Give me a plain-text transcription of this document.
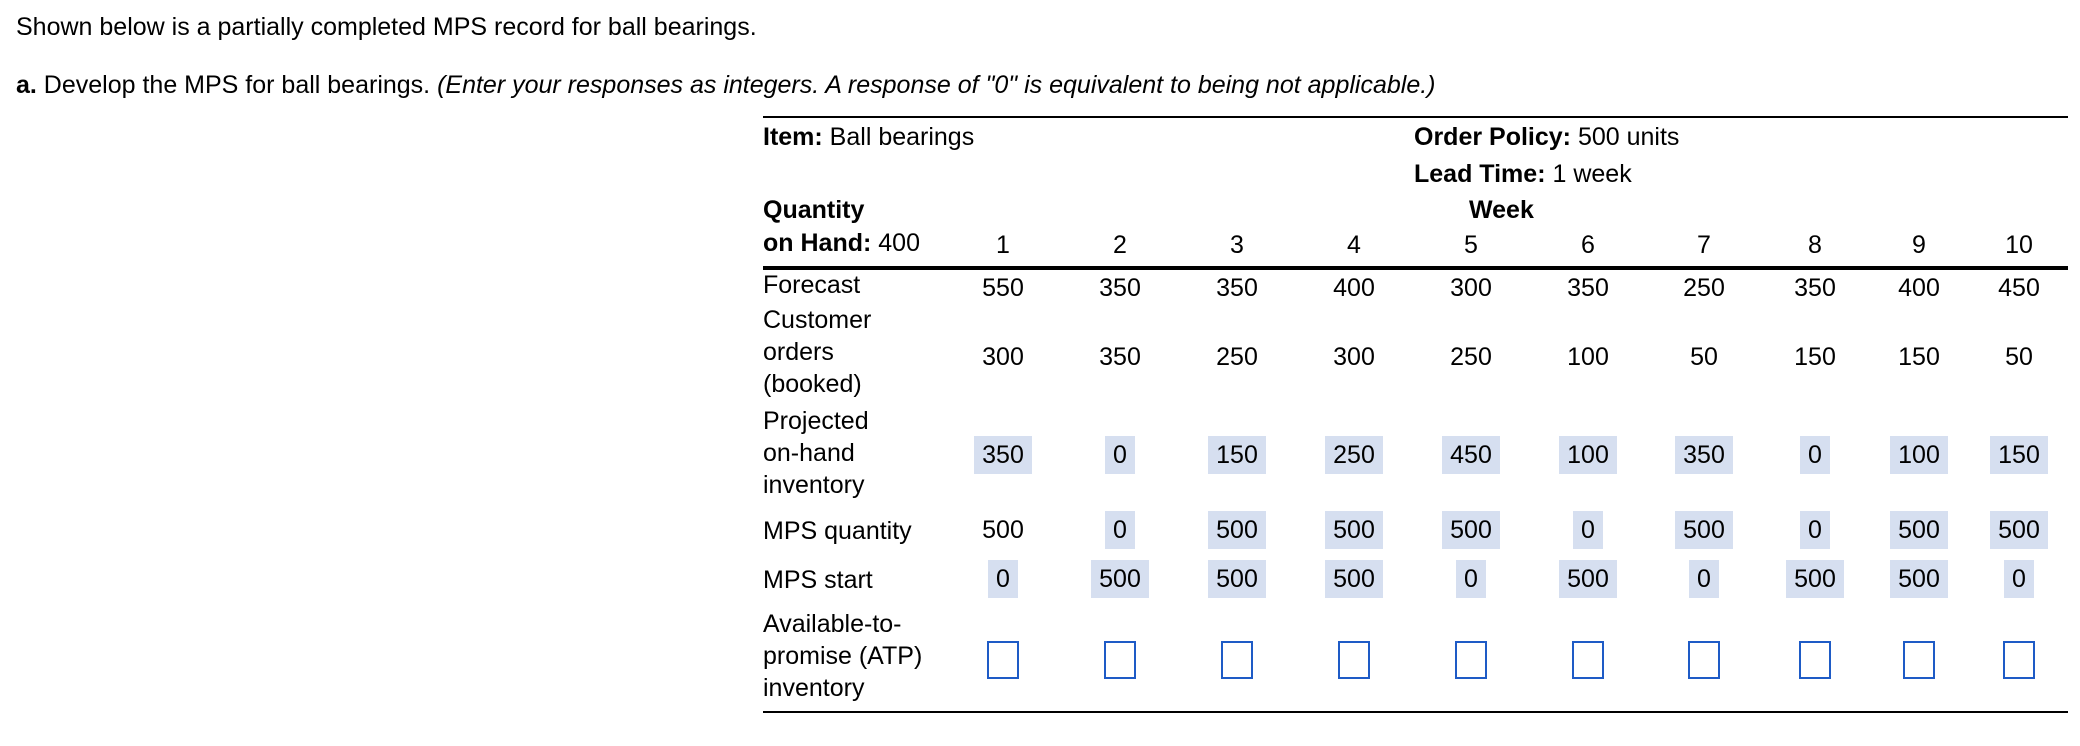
Shown below is a partially completed MPS record for ball bearings.
a. Develop the MPS for ball bearings. (Enter your responses as integers. A response of "0" is equivalent to being not applicable.)
Item: Ball bearings	Order Policy: 500 units
Lead Time: 1 week
Quantity
on Hand: 400
Week
1	2	3	4	5	6	7	8	9	10
Forecast	550	350	350	400	300	350	250	350	400	450
Customer
orders
(booked)
300	350	250	300	250	100	50	150	150	50
Projected
on-hand
inventory
350	0	150	250	450	100	350	0	100	150
MPS quantity	500	0	500	500	500	0	500	0	500	500
MPS start	0	500	500	500	0	500	0	500	500	0
Available-to-
promise (ATP)
inventory
